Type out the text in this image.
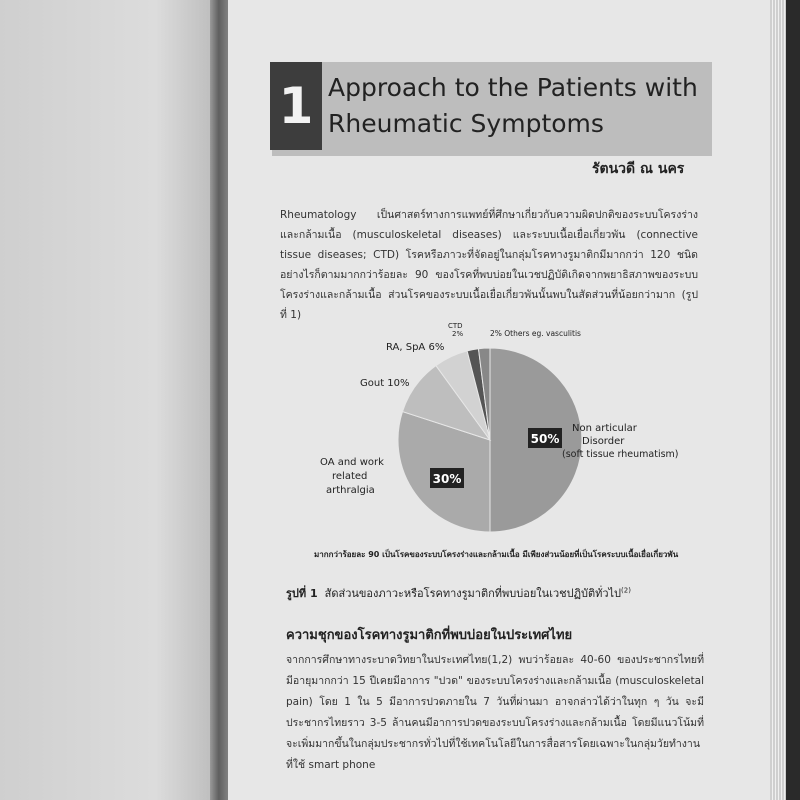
1 Approach to the Patients with
Rheumatic Symptoms
รัตนวดี ณ นคร
Rheumatology เป็นศาสตร์ทางการแพทย์ที่ศึกษาเกี่ยวกับความผิดปกติของระบบโครงร่างและกล้ามเนื้อ (musculoskeletal diseases) และระบบเนื้อเยื่อเกี่ยวพัน (connective tissue diseases; CTD) โรคหรือภาวะที่จัดอยู่ในกลุ่มโรคทางรูมาติกมีมากกว่า 120 ชนิด อย่างไรก็ตามมากกว่าร้อยละ 90 ของโรคที่พบบ่อยในเวชปฏิบัติเกิดจากพยาธิสภาพของระบบโครงร่างและกล้ามเนื้อ ส่วนโรคของระบบเนื้อเยื่อเกี่ยวพันนั้นพบในสัดส่วนที่น้อยกว่ามาก (รูปที่ 1)
Non articular
Disorder
(soft tissue rheumatism)
50%
30%
OA and work
related
arthralgia
Gout 10%
RA, SpA 6%
CTD
2%	2% Others eg. vasculitis
มากกว่าร้อยละ 90 เป็นโรคของระบบโครงร่างและกล้ามเนื้อ มีเพียงส่วนน้อยที่เป็นโรคระบบเนื้อเยื่อเกี่ยวพัน
รูปที่ 1 สัดส่วนของภาวะหรือโรคทางรูมาติกที่พบบ่อยในเวชปฏิบัติทั่วไป$^{(2)}$
ความชุกของโรคทางรูมาติกที่พบบ่อยในประเทศไทย
จากการศึกษาทางระบาดวิทยาในประเทศไทย(1,2) พบว่าร้อยละ 40-60 ของประชากรไทยที่มีอายุมากกว่า 15 ปีเคยมีอาการ "ปวด" ของระบบโครงร่างและกล้ามเนื้อ (musculoskeletal pain) โดย 1 ใน 5 มีอาการปวดภายใน 7 วันที่ผ่านมา อาจกล่าวได้ว่าในทุก ๆ วัน จะมีประชากรไทยราว 3-5 ล้านคนมีอาการปวดของระบบโครงร่างและกล้ามเนื้อ โดยมีแนวโน้มที่จะเพิ่มมากขึ้นในกลุ่มประชากรทั่วไปที่ใช้เทคโนโลยีในการสื่อสารโดยเฉพาะในกลุ่มวัยทำงานที่ใช้ smart phone
